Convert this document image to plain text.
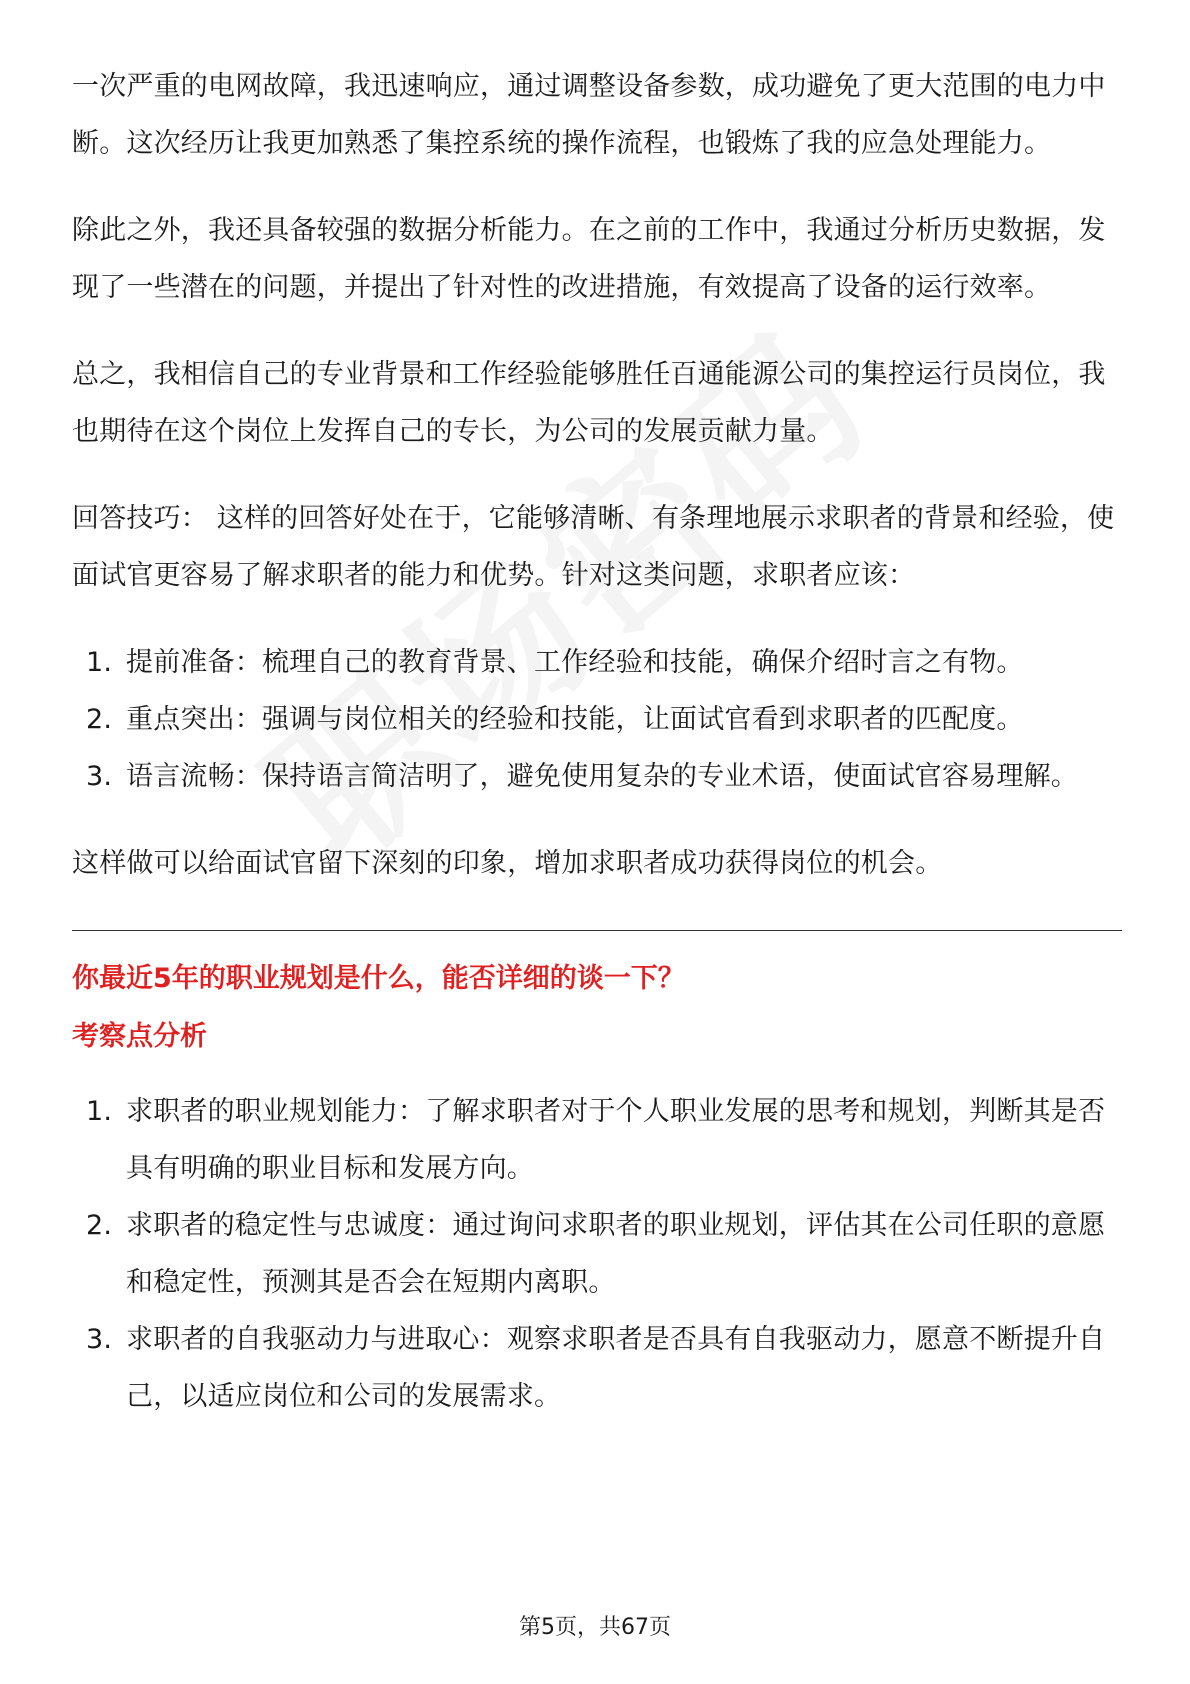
一次严重的电网故障，我迅速响应，通过调整设备参数，成功避免了更大范围的电力中断。这次经历让我更加熟悉了集控系统的操作流程，也锻炼了我的应急处理能力。

除此之外，我还具备较强的数据分析能力。在之前的工作中，我通过分析历史数据，发现了一些潜在的问题，并提出了针对性的改进措施，有效提高了设备的运行效率。

总之，我相信自己的专业背景和工作经验能够胜任百通能源公司的集控运行员岗位，我也期待在这个岗位上发挥自己的专长，为公司的发展贡献力量。

回答技巧： 这样的回答好处在于，它能够清晰、有条理地展示求职者的背景和经验，使面试官更容易了解求职者的能力和优势。针对这类问题，求职者应该：

1. 提前准备：梳理自己的教育背景、工作经验和技能，确保介绍时言之有物。
2. 重点突出：强调与岗位相关的经验和技能，让面试官看到求职者的匹配度。
3. 语言流畅：保持语言简洁明了，避免使用复杂的专业术语，使面试官容易理解。

这样做可以给面试官留下深刻的印象，增加求职者成功获得岗位的机会。

你最近5年的职业规划是什么，能否详细的谈一下？
考察点分析
1. 求职者的职业规划能力：了解求职者对于个人职业发展的思考和规划，判断其是否具有明确的职业目标和发展方向。
2. 求职者的稳定性与忠诚度：通过询问求职者的职业规划，评估其在公司任职的意愿和稳定性，预测其是否会在短期内离职。
3. 求职者的自我驱动力与进取心：观察求职者是否具有自我驱动力，愿意不断提升自己，以适应岗位和公司的发展需求。
第5页，共67页
